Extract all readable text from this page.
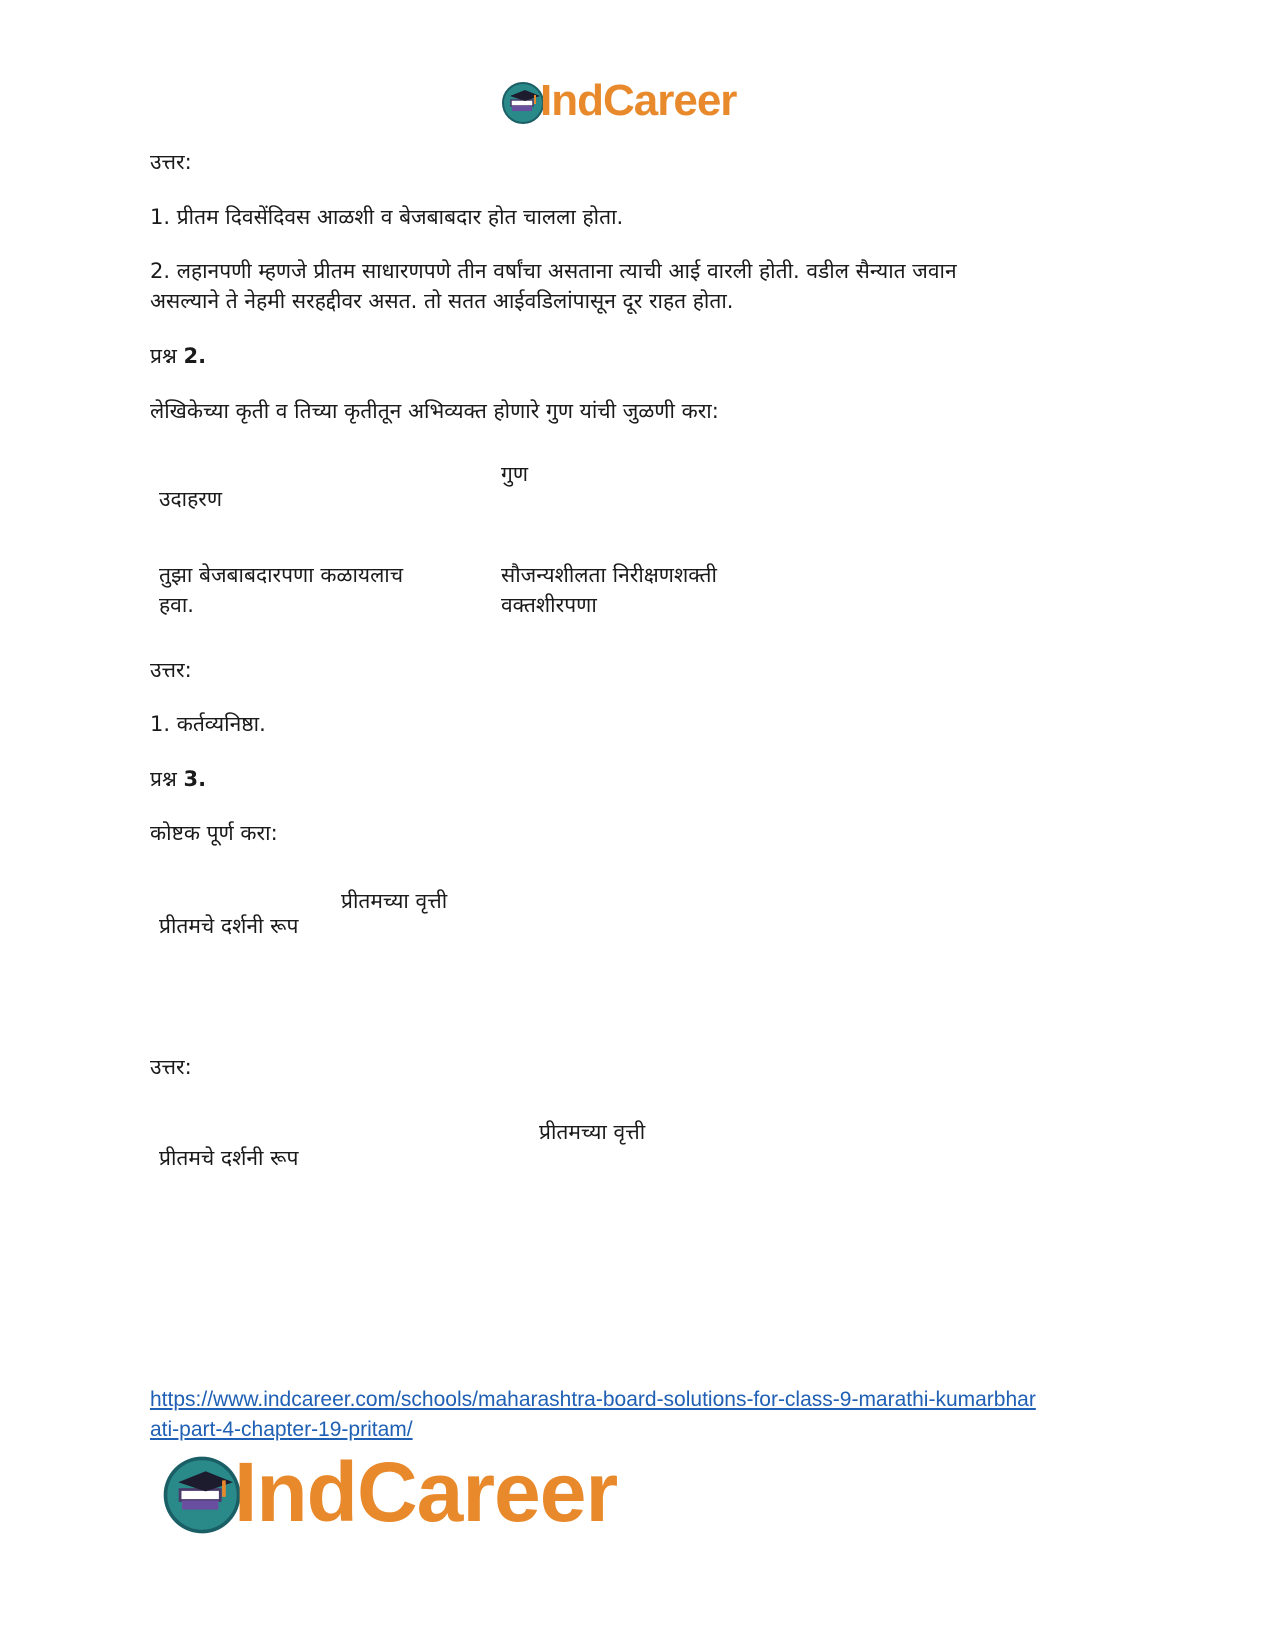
IndCareer
उत्तर:
1. प्रीतम दिवसेंदिवस आळशी व बेजबाबदार होत चालला होता.
2. लहानपणी म्हणजे प्रीतम साधारणपणे तीन वर्षांचा असताना त्याची आई वारली होती. वडील सैन्यात जवान
असल्याने ते नेहमी सरहद्दीवर असत. तो सतत आईवडिलांपासून दूर राहत होता.
प्रश्न 2.
लेखिकेच्या कृती व तिच्या कृतीतून अभिव्यक्त होणारे गुण यांची जुळणी करा:
गुण
उदाहरण
तुझा बेजबाबदारपणा कळायलाच
हवा.
सौजन्यशीलता निरीक्षणशक्ती
वक्तशीरपणा
उत्तर:
1. कर्तव्यनिष्ठा.
प्रश्न 3.
कोष्टक पूर्ण करा:
प्रीतमच्या वृत्ती
प्रीतमचे दर्शनी रूप
उत्तर:
प्रीतमच्या वृत्ती
प्रीतमचे दर्शनी रूप
https://www.indcareer.com/schools/maharashtra-board-solutions-for-class-9-marathi-kumarbhar
ati-part-4-chapter-19-pritam/
IndCareer
